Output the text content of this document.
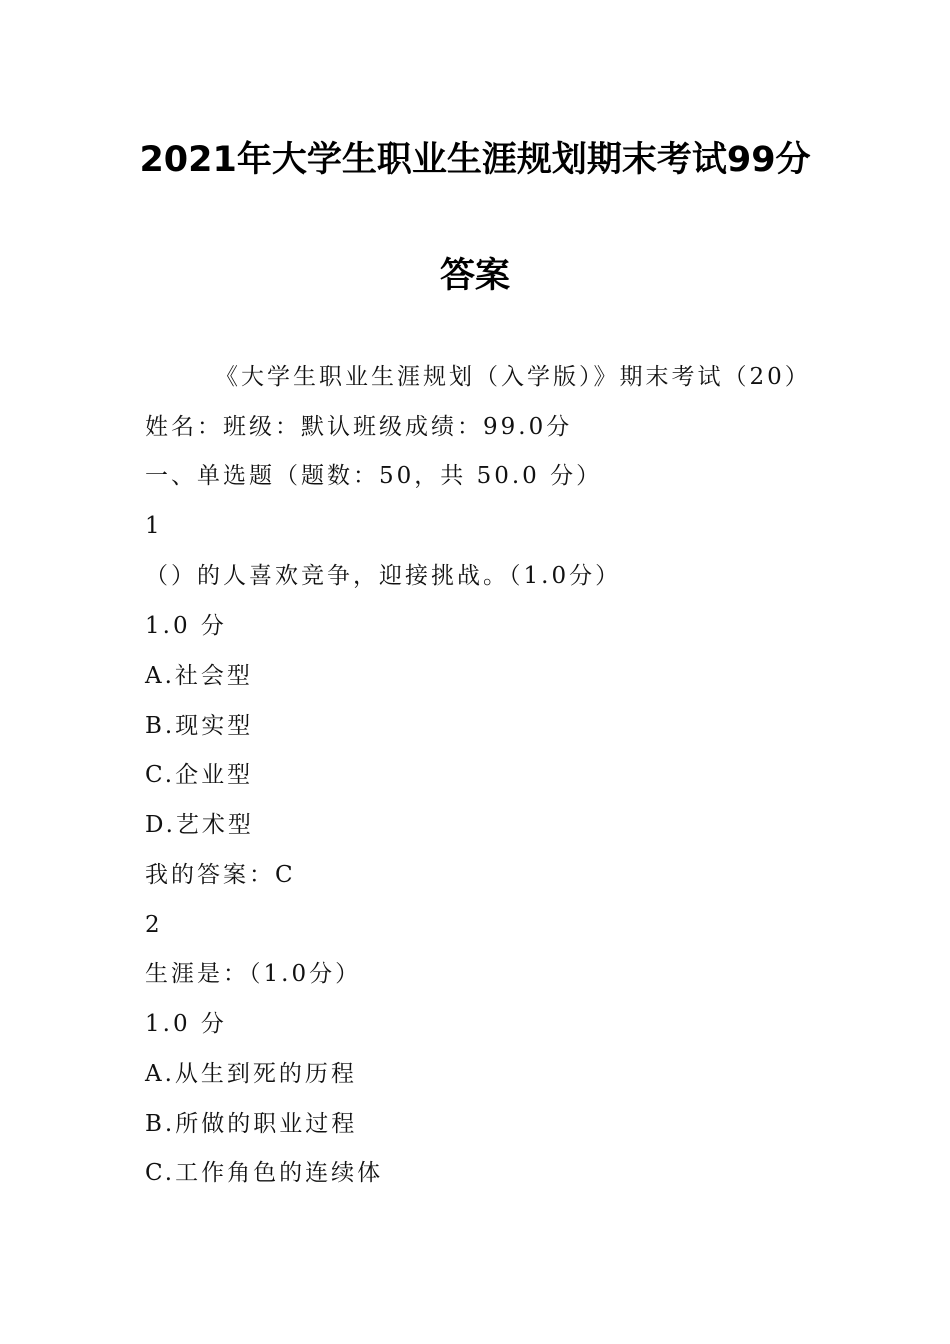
2021年大学生职业生涯规划期末考试99分
答案
《大学生职业生涯规划（入学版）》期末考试（20）
姓名：班级：默认班级成绩：99.0分
一、单选题（题数：50，共 50.0 分）
1
（）的人喜欢竞争，迎接挑战。（1.0分）
1.0 分
A.社会型
B.现实型
C.企业型
D.艺术型
我的答案：C
2
生涯是：（1.0分）
1.0 分
A.从生到死的历程
B.所做的职业过程
C.工作角色的连续体
